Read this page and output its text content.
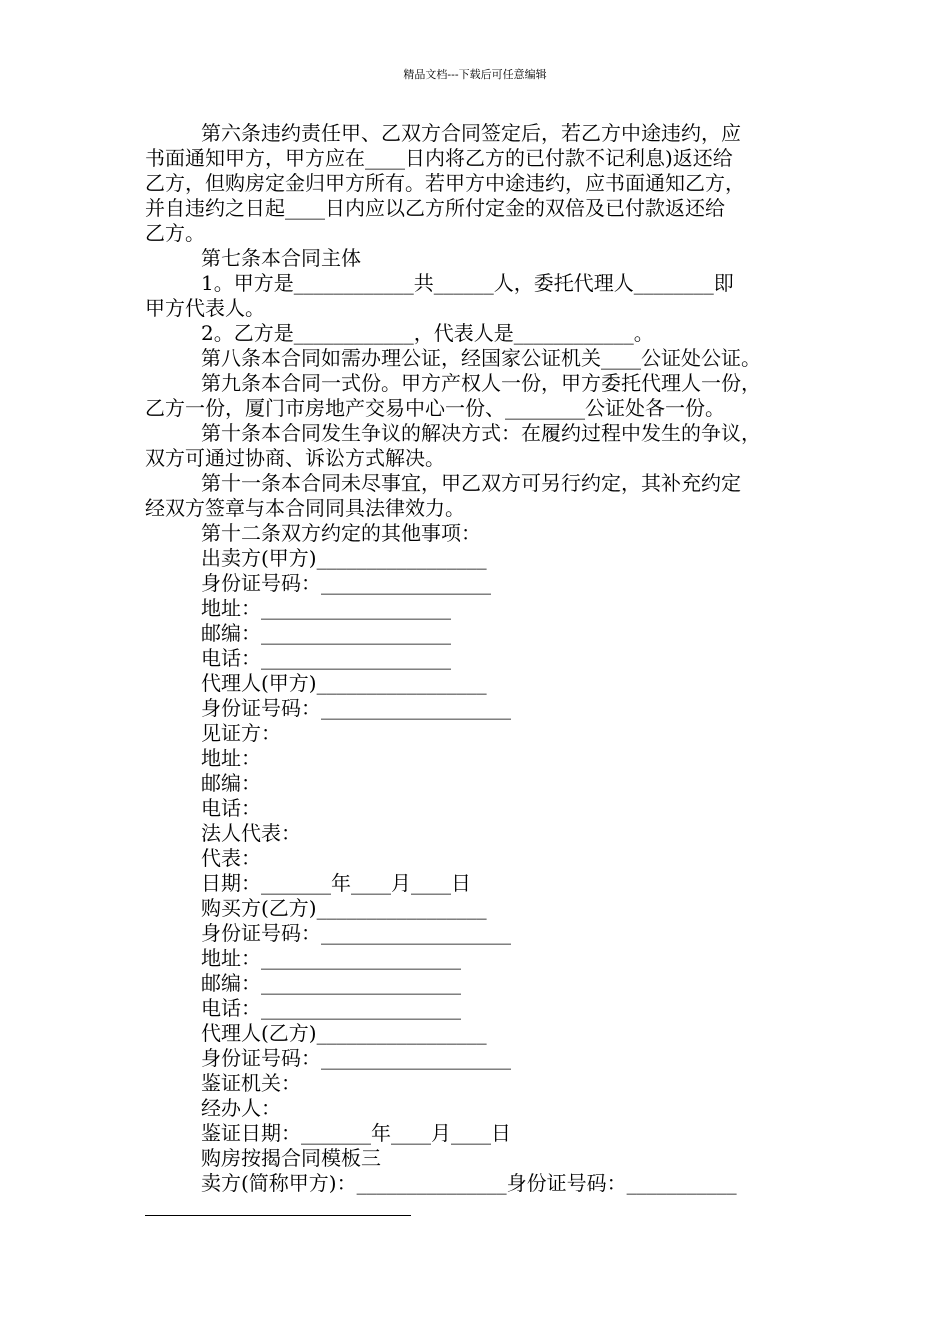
精品文档---下载后可任意编辑

第六条违约责任甲、乙双方合同签定后，若乙方中途违约，应

书面通知甲方，甲方应在____日内将乙方的已付款不记利息)返还给

乙方，但购房定金归甲方所有。若甲方中途违约，应书面通知乙方，

并自违约之日起____日内应以乙方所付定金的双倍及已付款返还给

乙方。

第七条本合同主体

1。甲方是____________共______人，委托代理人________即

甲方代表人。

2。乙方是____________，代表人是____________。

第八条本合同如需办理公证，经国家公证机关____公证处公证。

第九条本合同一式份。甲方产权人一份，甲方委托代理人一份，

乙方一份，厦门市房地产交易中心一份、________公证处各一份。

第十条本合同发生争议的解决方式：在履约过程中发生的争议，

双方可通过协商、诉讼方式解决。

第十一条本合同未尽事宜，甲乙双方可另行约定，其补充约定

经双方签章与本合同同具法律效力。

第十二条双方约定的其他事项：

出卖方(甲方)_________________

身份证号码：_________________

地址：___________________

邮编：___________________

电话：___________________

代理人(甲方)_________________

身份证号码：___________________

见证方：

地址：

邮编：

电话：

法人代表：

代表：

日期：_______年____月____日

购买方(乙方)_________________

身份证号码：___________________

地址：____________________

邮编：____________________

电话：____________________

代理人(乙方)_________________

身份证号码：___________________

鉴证机关：

经办人：

鉴证日期：_______年____月____日

购房按揭合同模板三

卖方(简称甲方)：_______________身份证号码：___________
